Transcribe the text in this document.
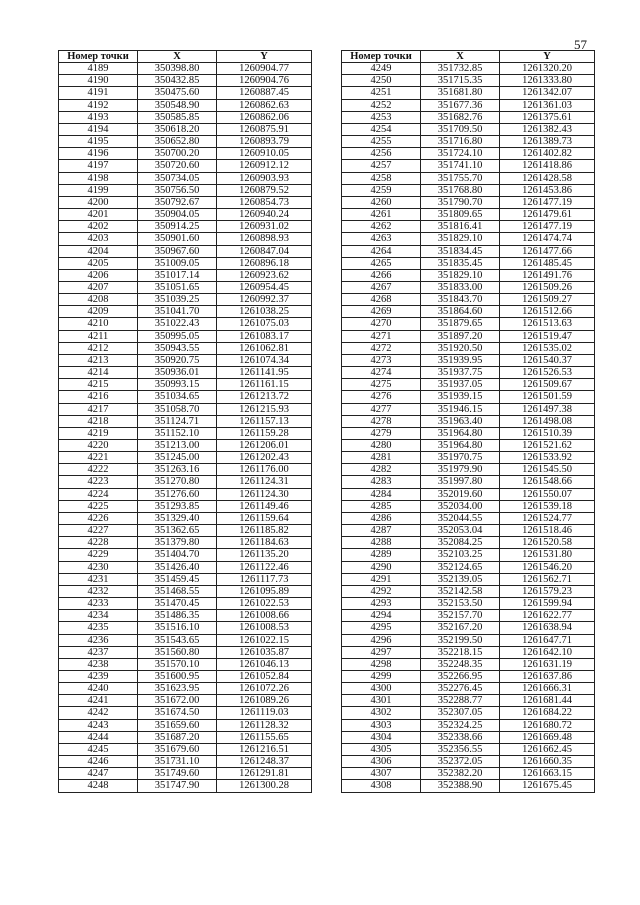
57
Номер точки	X	Y
4189	350398.80	1260904.77
4190	350432.85	1260904.76
4191	350475.60	1260887.45
4192	350548.90	1260862.63
4193	350585.85	1260862.06
4194	350618.20	1260875.91
4195	350652.80	1260893.79
4196	350700.20	1260910.05
4197	350720.60	1260912.12
4198	350734.05	1260903.93
4199	350756.50	1260879.52
4200	350792.67	1260854.73
4201	350904.05	1260940.24
4202	350914.25	1260931.02
4203	350901.60	1260898.93
4204	350967.60	1260847.04
4205	351009.05	1260896.18
4206	351017.14	1260923.62
4207	351051.65	1260954.45
4208	351039.25	1260992.37
4209	351041.70	1261038.25
4210	351022.43	1261075.03
4211	350995.05	1261083.17
4212	350943.55	1261062.81
4213	350920.75	1261074.34
4214	350936.01	1261141.95
4215	350993.15	1261161.15
4216	351034.65	1261213.72
4217	351058.70	1261215.93
4218	351124.71	1261157.13
4219	351152.10	1261159.28
4220	351213.00	1261206.01
4221	351245.00	1261202.43
4222	351263.16	1261176.00
4223	351270.80	1261124.31
4224	351276.60	1261124.30
4225	351293.85	1261149.46
4226	351329.40	1261159.64
4227	351362.65	1261185.82
4228	351379.80	1261184.63
4229	351404.70	1261135.20
4230	351426.40	1261122.46
4231	351459.45	1261117.73
4232	351468.55	1261095.89
4233	351470.45	1261022.53
4234	351486.35	1261008.66
4235	351516.10	1261008.53
4236	351543.65	1261022.15
4237	351560.80	1261035.87
4238	351570.10	1261046.13
4239	351600.95	1261052.84
4240	351623.95	1261072.26
4241	351672.00	1261089.26
4242	351674.50	1261119.03
4243	351659.60	1261128.32
4244	351687.20	1261155.65
4245	351679.60	1261216.51
4246	351731.10	1261248.37
4247	351749.60	1261291.81
4248	351747.90	1261300.28
Номер точки	X	Y
4249	351732.85	1261320.20
4250	351715.35	1261333.80
4251	351681.80	1261342.07
4252	351677.36	1261361.03
4253	351682.76	1261375.61
4254	351709.50	1261382.43
4255	351716.80	1261389.73
4256	351724.10	1261402.82
4257	351741.10	1261418.86
4258	351755.70	1261428.58
4259	351768.80	1261453.86
4260	351790.70	1261477.19
4261	351809.65	1261479.61
4262	351816.41	1261477.19
4263	351829.10	1261474.74
4264	351834.45	1261477.66
4265	351835.45	1261485.45
4266	351829.10	1261491.76
4267	351833.00	1261509.26
4268	351843.70	1261509.27
4269	351864.60	1261512.66
4270	351879.65	1261513.63
4271	351897.20	1261519.47
4272	351920.50	1261535.02
4273	351939.95	1261540.37
4274	351937.75	1261526.53
4275	351937.05	1261509.67
4276	351939.15	1261501.59
4277	351946.15	1261497.38
4278	351963.40	1261498.08
4279	351964.80	1261510.39
4280	351964.80	1261521.62
4281	351970.75	1261533.92
4282	351979.90	1261545.50
4283	351997.80	1261548.66
4284	352019.60	1261550.07
4285	352034.00	1261539.18
4286	352044.55	1261524.77
4287	352053.04	1261518.46
4288	352084.25	1261520.58
4289	352103.25	1261531.80
4290	352124.65	1261546.20
4291	352139.05	1261562.71
4292	352142.58	1261579.23
4293	352153.50	1261599.94
4294	352157.70	1261622.77
4295	352167.20	1261638.94
4296	352199.50	1261647.71
4297	352218.15	1261642.10
4298	352248.35	1261631.19
4299	352266.95	1261637.86
4300	352276.45	1261666.31
4301	352288.77	1261681.44
4302	352307.05	1261684.22
4303	352324.25	1261680.72
4304	352338.66	1261669.48
4305	352356.55	1261662.45
4306	352372.05	1261660.35
4307	352382.20	1261663.15
4308	352388.90	1261675.45
